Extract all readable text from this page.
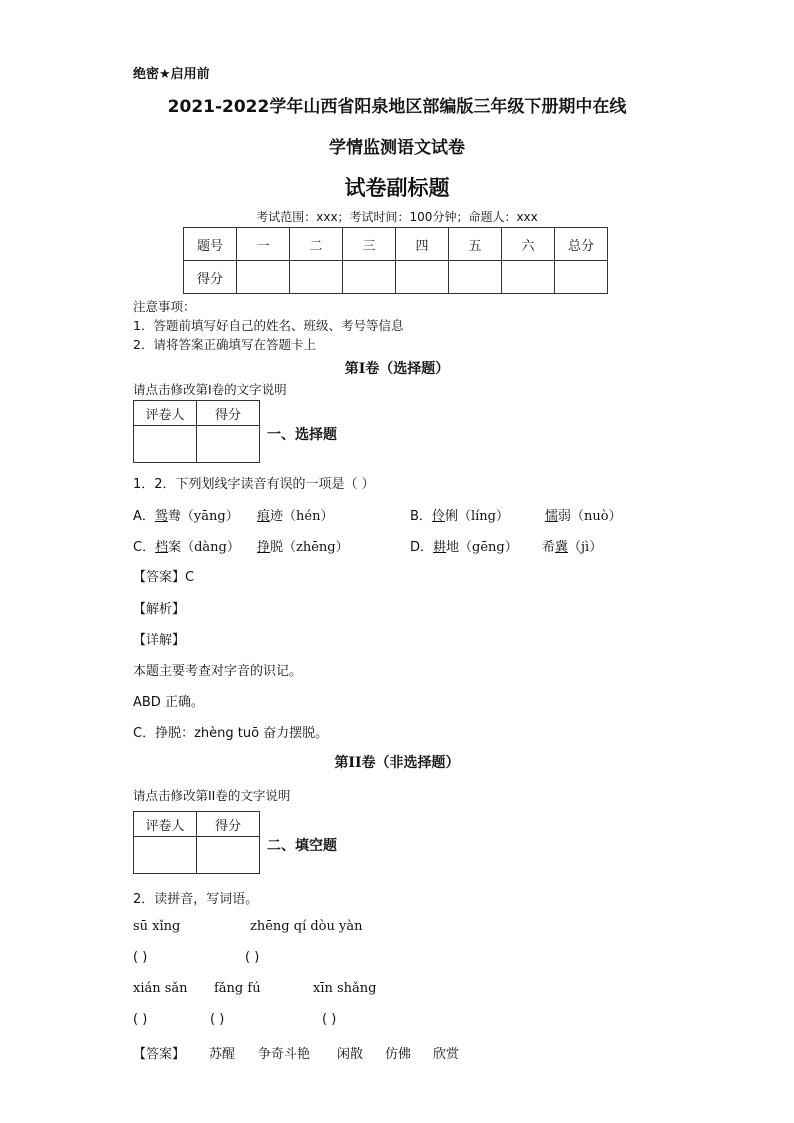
绝密★启用前
2021-2022学年山西省阳泉地区部编版三年级下册期中在线
学情监测语文试卷
试卷副标题
考试范围：xxx；考试时间：100分钟；命题人：xxx
题号	一	二	三	四	五	六	总分
得分							
注意事项：
1．答题前填写好自己的姓名、班级、考号等信息
2．请将答案正确填写在答题卡上
第I卷（选择题）
请点击修改第I卷的文字说明
评卷人	得分

一、选择题
1．2．下列划线字读音有误的一项是（ ）
A．鸳鸯（yāng） 痕迹（hén）	B．伶俐（líng）	懦弱（nuò）
C．档案（dàng） 挣脱（zhēng）	D．耕地（gēng） 希冀（jì）
【答案】C
【解析】
【详解】
本题主要考查对字音的识记。
ABD 正确。
C．挣脱：zhèng tuō 奋力摆脱。
第II卷（非选择题）
请点击修改第II卷的文字说明
评卷人	得分

二、填空题
2．读拼音，写词语。
sū xǐng	zhēng qí dòu yàn
( )	( )
xián sǎn fǎng fú	xīn shǎng
( )	( )	( )
【答案】 苏醒 争奇斗艳 闲散 仿佛 欣赏
